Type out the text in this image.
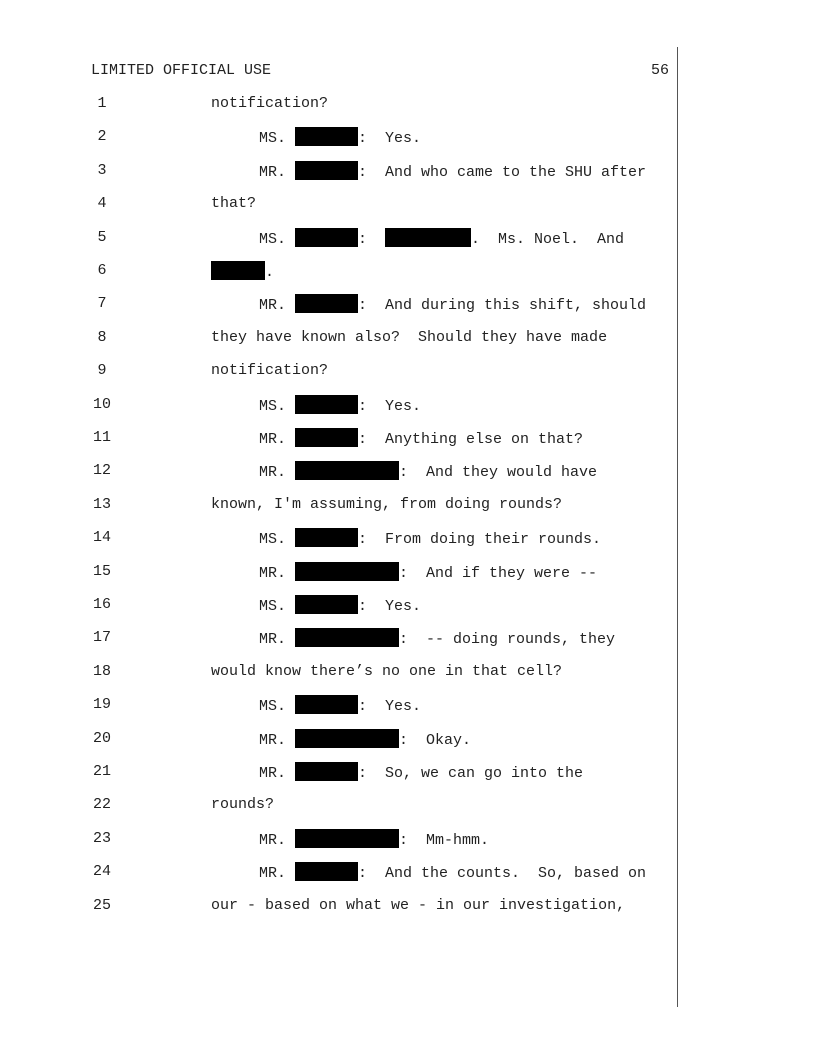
LIMITED OFFICIAL USE	56
1	notification?
2	MS.	:  Yes.
3	MR.	:  And who came to the SHU after
4	that?
5	MS.	:	.  Ms. Noel.  And
6	.
7	MR.	:  And during this shift, should
8	they have known also?  Should they have made
9	notification?
10	MS.	:  Yes.
11	MR.	:  Anything else on that?
12	MR.	:  And they would have
13	known, I'm assuming, from doing rounds?
14	MS.	:  From doing their rounds.
15	MR.	:  And if they were --
16	MS.	:  Yes.
17	MR.	:  -- doing rounds, they
18	would know there’s no one in that cell?
19	MS.	:  Yes.
20	MR.	:  Okay.
21	MR.	:  So, we can go into the
22	rounds?
23	MR.	:  Mm-hmm.
24	MR.	:  And the counts.  So, based on
25	our - based on what we - in our investigation,
